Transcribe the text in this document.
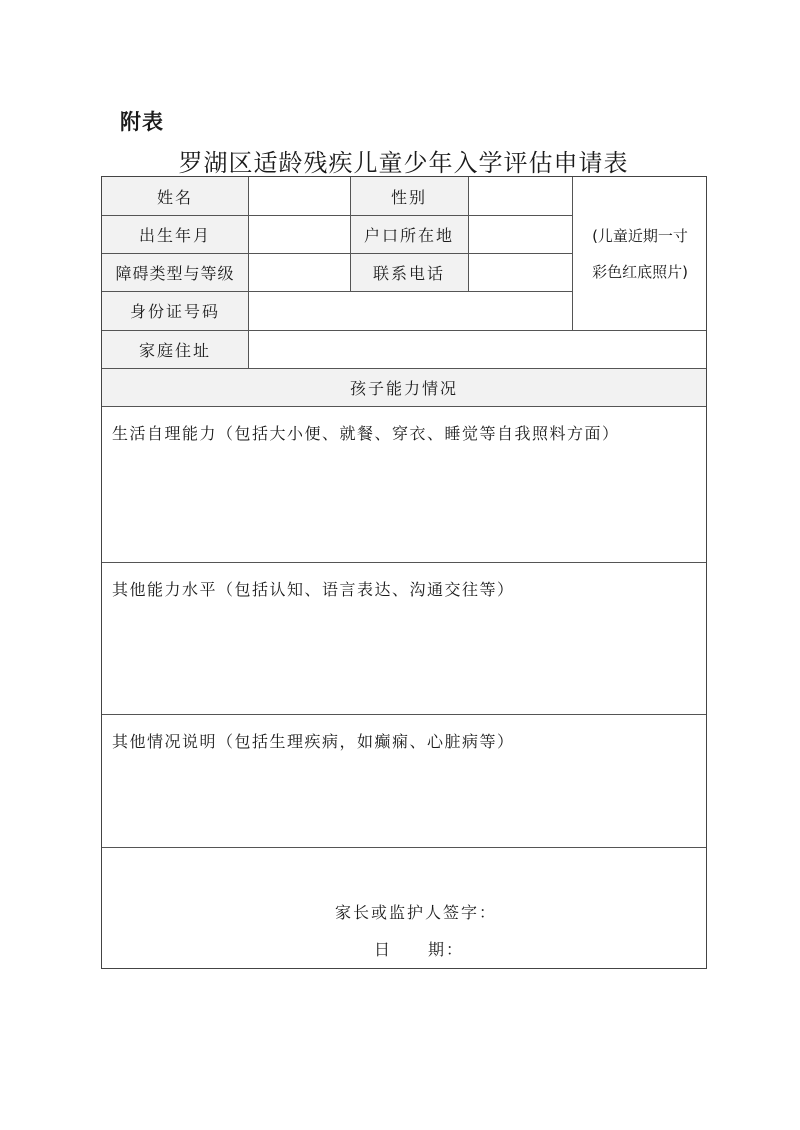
附表
罗湖区适龄残疾儿童少年入学评估申请表
姓名	性别
出生年月	户口所在地
障碍类型与等级	联系电话
身份证号码
家庭住址
(儿童近期一寸
彩色红底照片)
孩子能力情况
生活自理能力（包括大小便、就餐、穿衣、睡觉等自我照料方面）
其他能力水平（包括认知、语言表达、沟通交往等）
其他情况说明（包括生理疾病，如癫痫、心脏病等）
家长或监护人签字：
日　　期：
